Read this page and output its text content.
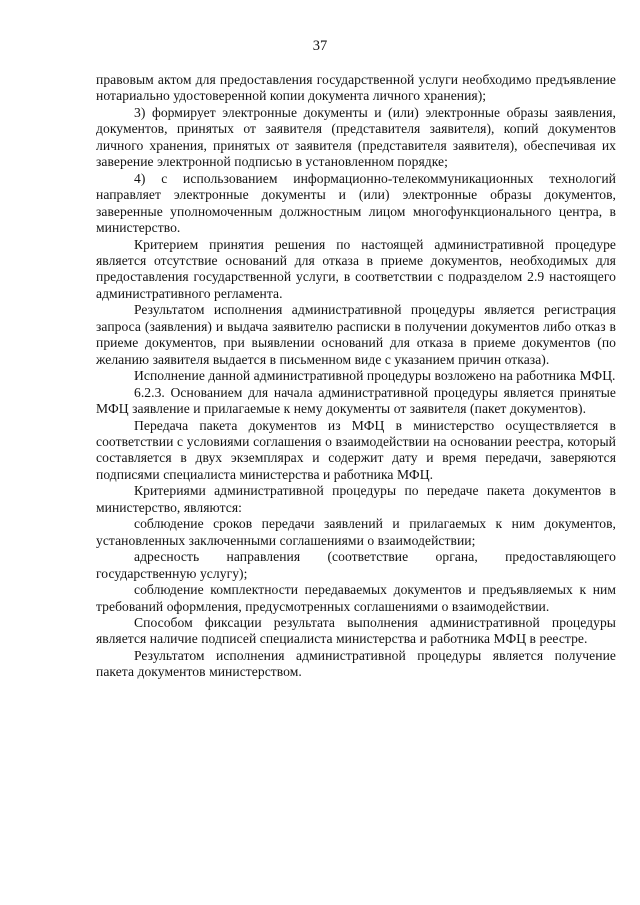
37

правовым актом для предоставления государственной услуги необходимо предъявление нотариально удостоверенной копии документа личного хранения);

3) формирует электронные документы и (или) электронные образы заявления, документов, принятых от заявителя (представителя заявителя), копий документов личного хранения, принятых от заявителя (представителя заявителя), обеспечивая их заверение электронной подписью в установленном порядке;

4) с использованием информационно-телекоммуникационных технологий направляет электронные документы и (или) электронные образы документов, заверенные уполномоченным должностным лицом многофункционального центра, в министерство.

Критерием принятия решения по настоящей административной процедуре является отсутствие оснований для отказа в приеме документов, необходимых для предоставления государственной услуги, в соответствии с подразделом 2.9 настоящего административного регламента.

Результатом исполнения административной процедуры является регистрация запроса (заявления) и выдача заявителю расписки в получении документов либо отказ в приеме документов, при выявлении оснований для отказа в приеме документов (по желанию заявителя выдается в письменном виде с указанием причин отказа).

Исполнение данной административной процедуры возложено на работника МФЦ.

6.2.3. Основанием для начала административной процедуры является принятые МФЦ заявление и прилагаемые к нему документы от заявителя (пакет документов).

Передача пакета документов из МФЦ в министерство осуществляется в соответствии с условиями соглашения о взаимодействии на основании реестра, который составляется в двух экземплярах и содержит дату и время передачи, заверяются подписями специалиста министерства и работника МФЦ.

Критериями административной процедуры по передаче пакета документов в министерство, являются:

соблюдение сроков передачи заявлений и прилагаемых к ним документов, установленных заключенными соглашениями о взаимодействии;

адресность направления (соответствие органа, предоставляющего государственную услугу);

соблюдение комплектности передаваемых документов и предъявляемых к ним требований оформления, предусмотренных соглашениями о взаимодействии.

Способом фиксации результата выполнения административной процедуры является наличие подписей специалиста министерства и работника МФЦ в реестре.

Результатом исполнения административной процедуры является получение пакета документов министерством.
